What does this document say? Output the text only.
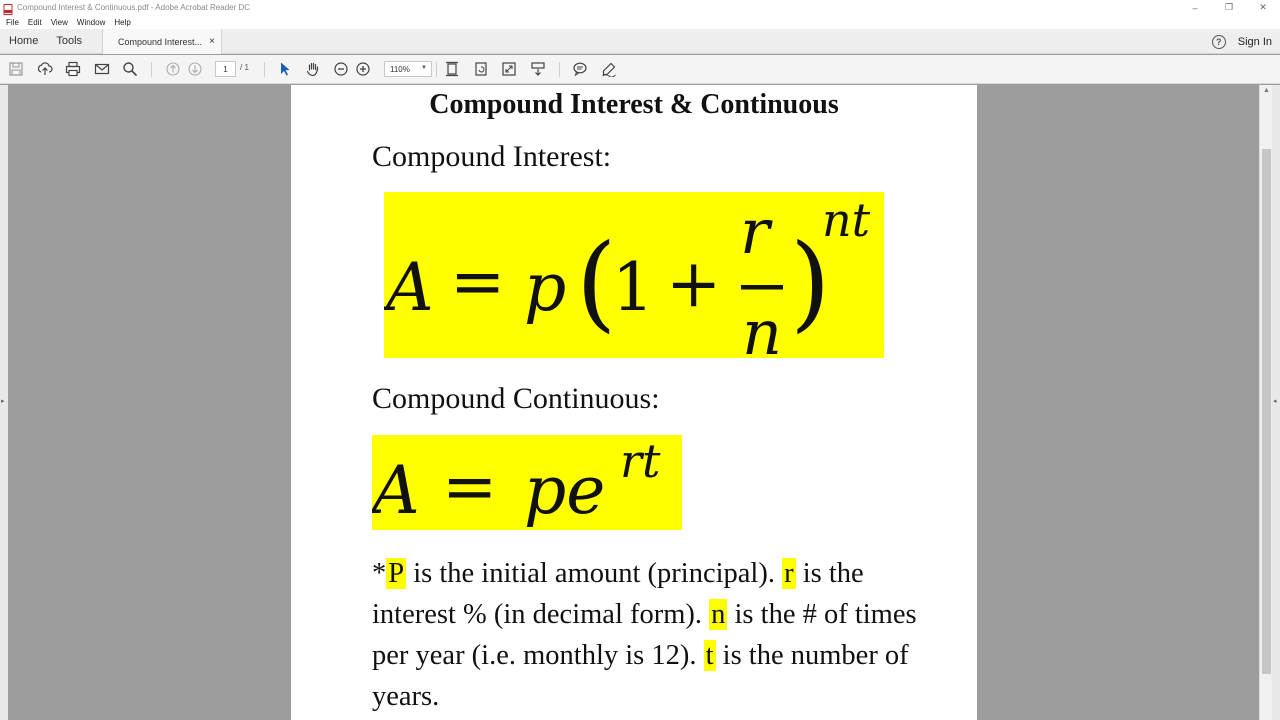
Compound Interest & Continuous.pdf - Adobe Acrobat Reader DC	–	❐	✕
File Edit View Window Help
Home	Tools	Compound Interest... ×	?	Sign In
1	/ 1	110% ▼
▸
Compound Interest & Continuous
Compound Interest:
A = p (
1 +
r
n )
nt
Compound Continuous:
A = pe rt
*P is the initial amount (principal). r is the interest % (in decimal form). n is the # of times per year (i.e. monthly is 12). t is the number of years.
▲
◂
